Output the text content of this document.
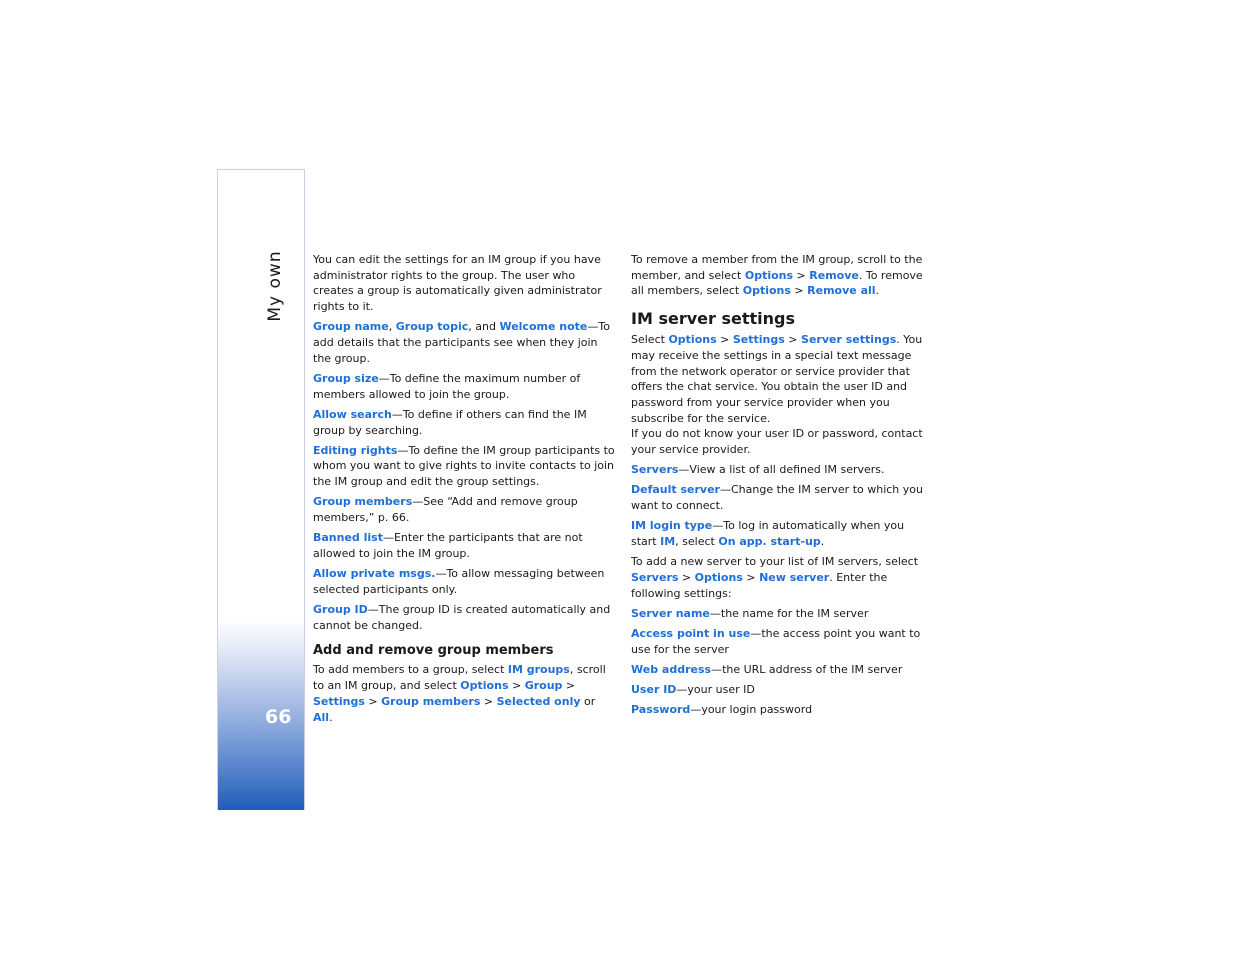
My own
66

You can edit the settings for an IM group if you have administrator rights to the group. The user who creates a group is automatically given administrator rights to it.

Group name, Group topic, and Welcome note—To add details that the participants see when they join the group.

Group size—To define the maximum number of members allowed to join the group.

Allow search—To define if others can find the IM group by searching.

Editing rights—To define the IM group participants to whom you want to give rights to invite contacts to join the IM group and edit the group settings.

Group members—See “Add and remove group members,” p. 66.

Banned list—Enter the participants that are not allowed to join the IM group.

Allow private msgs.—To allow messaging between selected participants only.

Group ID—The group ID is created automatically and cannot be changed.

Add and remove group members

To add members to a group, select IM groups, scroll to an IM group, and select Options > Group > Settings > Group members > Selected only or All.

To remove a member from the IM group, scroll to the member, and select Options > Remove. To remove all members, select Options > Remove all.

IM server settings

Select Options > Settings > Server settings. You may receive the settings in a special text message from the network operator or service provider that offers the chat service. You obtain the user ID and password from your service provider when you subscribe for the service.

If you do not know your user ID or password, contact your service provider.

Servers—View a list of all defined IM servers.

Default server—Change the IM server to which you want to connect.

IM login type—To log in automatically when you start IM, select On app. start-up.

To add a new server to your list of IM servers, select Servers > Options > New server. Enter the following settings:

Server name—the name for the IM server

Access point in use—the access point you want to use for the server

Web address—the URL address of the IM server

User ID—your user ID

Password—your login password
